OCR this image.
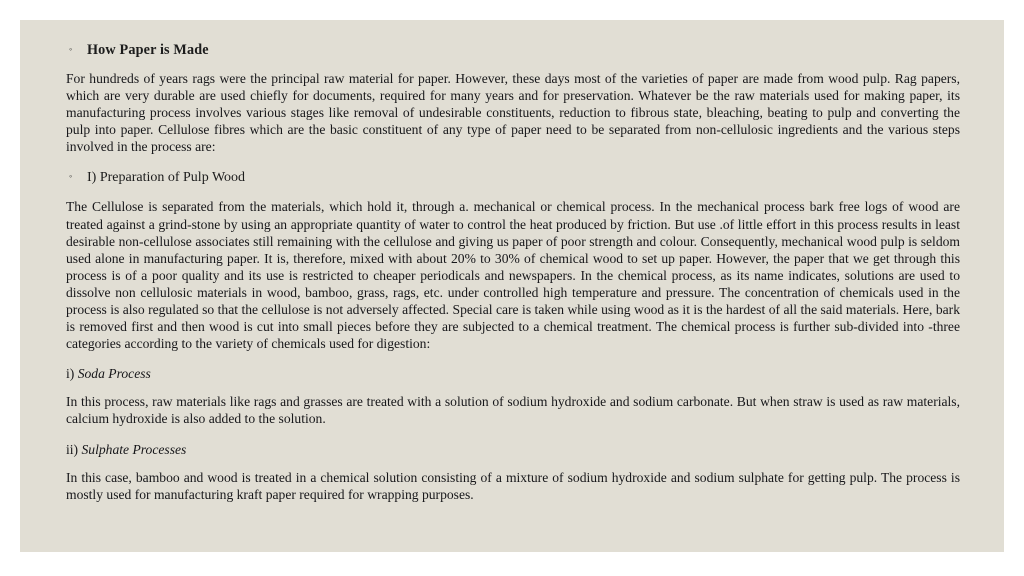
◦ How Paper is Made

For hundreds of years rags were the principal raw material for paper. However, these days most of the varieties of paper are made from wood pulp. Rag papers, which are very durable are used chiefly for documents, required for many years and for preservation. Whatever be the raw materials used for making paper, its manufacturing process involves various stages like removal of undesirable constituents, reduction to fibrous state, bleaching, beating to pulp and converting the pulp into paper. Cellulose fibres which are the basic constituent of any type of paper need to be separated from non-cellulosic ingredients and the various steps involved in the process are:

◦ I) Preparation of Pulp Wood

The Cellulose is separated from the materials, which hold it, through a. mechanical or chemical process. In the mechanical process bark free logs of wood are treated against a grind-stone by using an appropriate quantity of water to control the heat produced by friction. But use .of little effort in this process results in least desirable non-cellulose associates still remaining with the cellulose and giving us paper of poor strength and colour. Consequently, mechanical wood pulp is seldom used alone in manufacturing paper. It is, therefore, mixed with about 20% to 30% of chemical wood to set up paper. However, the paper that we get through this process is of a poor quality and its use is restricted to cheaper periodicals and newspapers. In the chemical process, as its name indicates, solutions are used to dissolve non cellulosic materials in wood, bamboo, grass, rags, etc. under controlled high temperature and pressure. The concentration of chemicals used in the process is also regulated so that the cellulose is not adversely affected. Special care is taken while using wood as it is the hardest of all the said materials. Here, bark is removed first and then wood is cut into small pieces before they are subjected to a chemical treatment. The chemical process is further sub-divided into -three categories according to the variety of chemicals used for digestion:

i) Soda Process

In this process, raw materials like rags and grasses are treated with a solution of sodium hydroxide and sodium carbonate. But when straw is used as raw materials, calcium hydroxide is also added to the solution.

ii) Sulphate Processes

In this case, bamboo and wood is treated in a chemical solution consisting of a mixture of sodium hydroxide and sodium sulphate for getting pulp. The process is mostly used for manufacturing kraft paper required for wrapping purposes.
